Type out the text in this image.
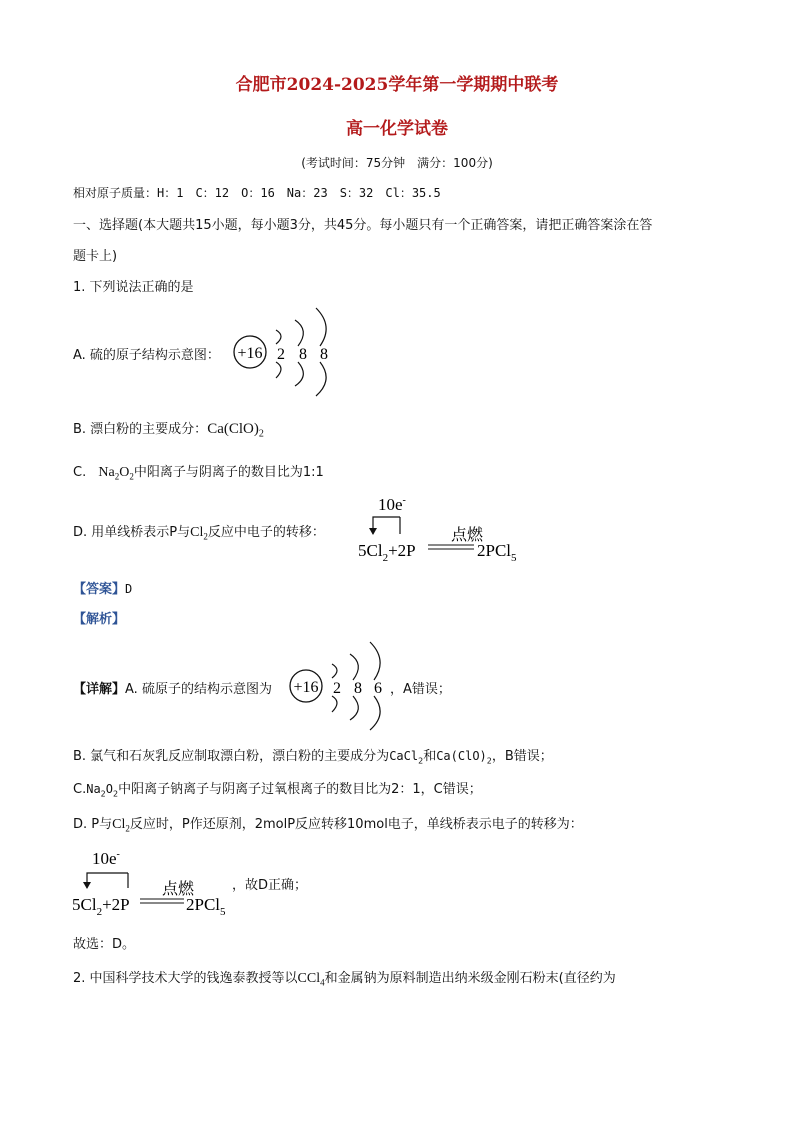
合肥市2024-2025学年第一学期期中联考
高一化学试卷
(考试时间：75分钟　满分：100分)
相对原子质量：H：1　C：12　O：16　Na：23　S：32　Cl：35.5
一、选择题(本大题共15小题，每小题3分，共45分。每小题只有一个正确答案，请把正确答案涂在答
题卡上)
1. 下列说法正确的是
A. 硫的原子结构示意图： +16 2 8 8
B. 漂白粉的主要成分：$Ca(ClO)_2$
C. $Na_2O_2$中阳离子与阴离子的数目比为1:1
D. 用单线桥表示P与$Cl_2$反应中电子的转移：
10e-
$5Cl_2+2P$
点燃
2PCl$_5$
【答案】D
【解析】
【详解】A. 硫原子的结构示意图为 +16 2 8 6 ，A错误；
B. 氯气和石灰乳反应制取漂白粉，漂白粉的主要成分为CaCl$_2$和$Ca(ClO)_2$，B错误；
$C.Na_2O_2$中阳离子钠离子与阴离子过氧根离子的数目比为2：1，C错误；
D. P与$Cl_2$反应时，P作还原剂，2molP反应转移10mol电子，单线桥表示电子的转移为：
10e-
$5Cl_2+2P$
点燃
2PCl$_5$
，故D正确；
故选：D。
2. 中国科学技术大学的钱逸泰教授等以CCl$_4$和金属钠为原料制造出纳米级金刚石粉末(直径约为
